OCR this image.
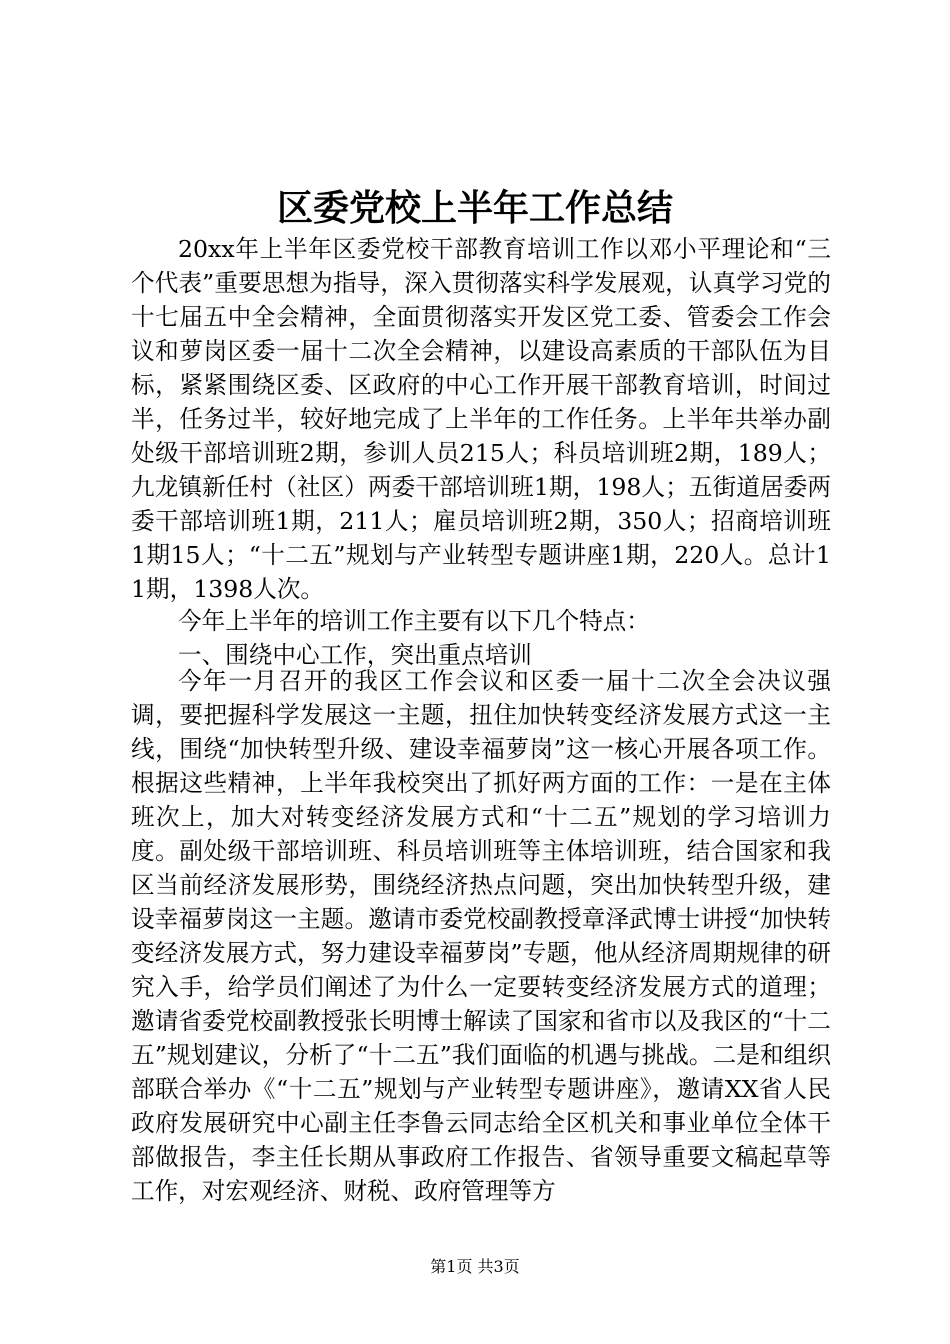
区委党校上半年工作总结

20xx年上半年区委党校干部教育培训工作以邓小平理论和“三个代表”重要思想为指导，深入贯彻落实科学发展观，认真学习党的十七届五中全会精神，全面贯彻落实开发区党工委、管委会工作会议和萝岗区委一届十二次全会精神，以建设高素质的干部队伍为目标，紧紧围绕区委、区政府的中心工作开展干部教育培训，时间过半，任务过半，较好地完成了上半年的工作任务。上半年共举办副处级干部培训班2期，参训人员215人；科员培训班2期，189人；九龙镇新任村（社区）两委干部培训班1期，198人；五街道居委两委干部培训班1期，211人；雇员培训班2期，350人；招商培训班1期15人；“十二五”规划与产业转型专题讲座1期，220人。总计11期，1398人次。

今年上半年的培训工作主要有以下几个特点：

一、围绕中心工作，突出重点培训

今年一月召开的我区工作会议和区委一届十二次全会决议强调，要把握科学发展这一主题，扭住加快转变经济发展方式这一主线，围绕“加快转型升级、建设幸福萝岗”这一核心开展各项工作。根据这些精神，上半年我校突出了抓好两方面的工作：一是在主体班次上，加大对转变经济发展方式和“十二五”规划的学习培训力度。副处级干部培训班、科员培训班等主体培训班，结合国家和我区当前经济发展形势，围绕经济热点问题，突出加快转型升级，建设幸福萝岗这一主题。邀请市委党校副教授章泽武博士讲授“加快转变经济发展方式，努力建设幸福萝岗”专题，他从经济周期规律的研究入手，给学员们阐述了为什么一定要转变经济发展方式的道理；邀请省委党校副教授张长明博士解读了国家和省市以及我区的“十二五”规划建议，分析了“十二五”我们面临的机遇与挑战。二是和组织部联合举办《“十二五”规划与产业转型专题讲座》，邀请XX省人民政府发展研究中心副主任李鲁云同志给全区机关和事业单位全体干部做报告，李主任长期从事政府工作报告、省领导重要文稿起草等工作，对宏观经济、财税、政府管理等方

第1页 共3页
